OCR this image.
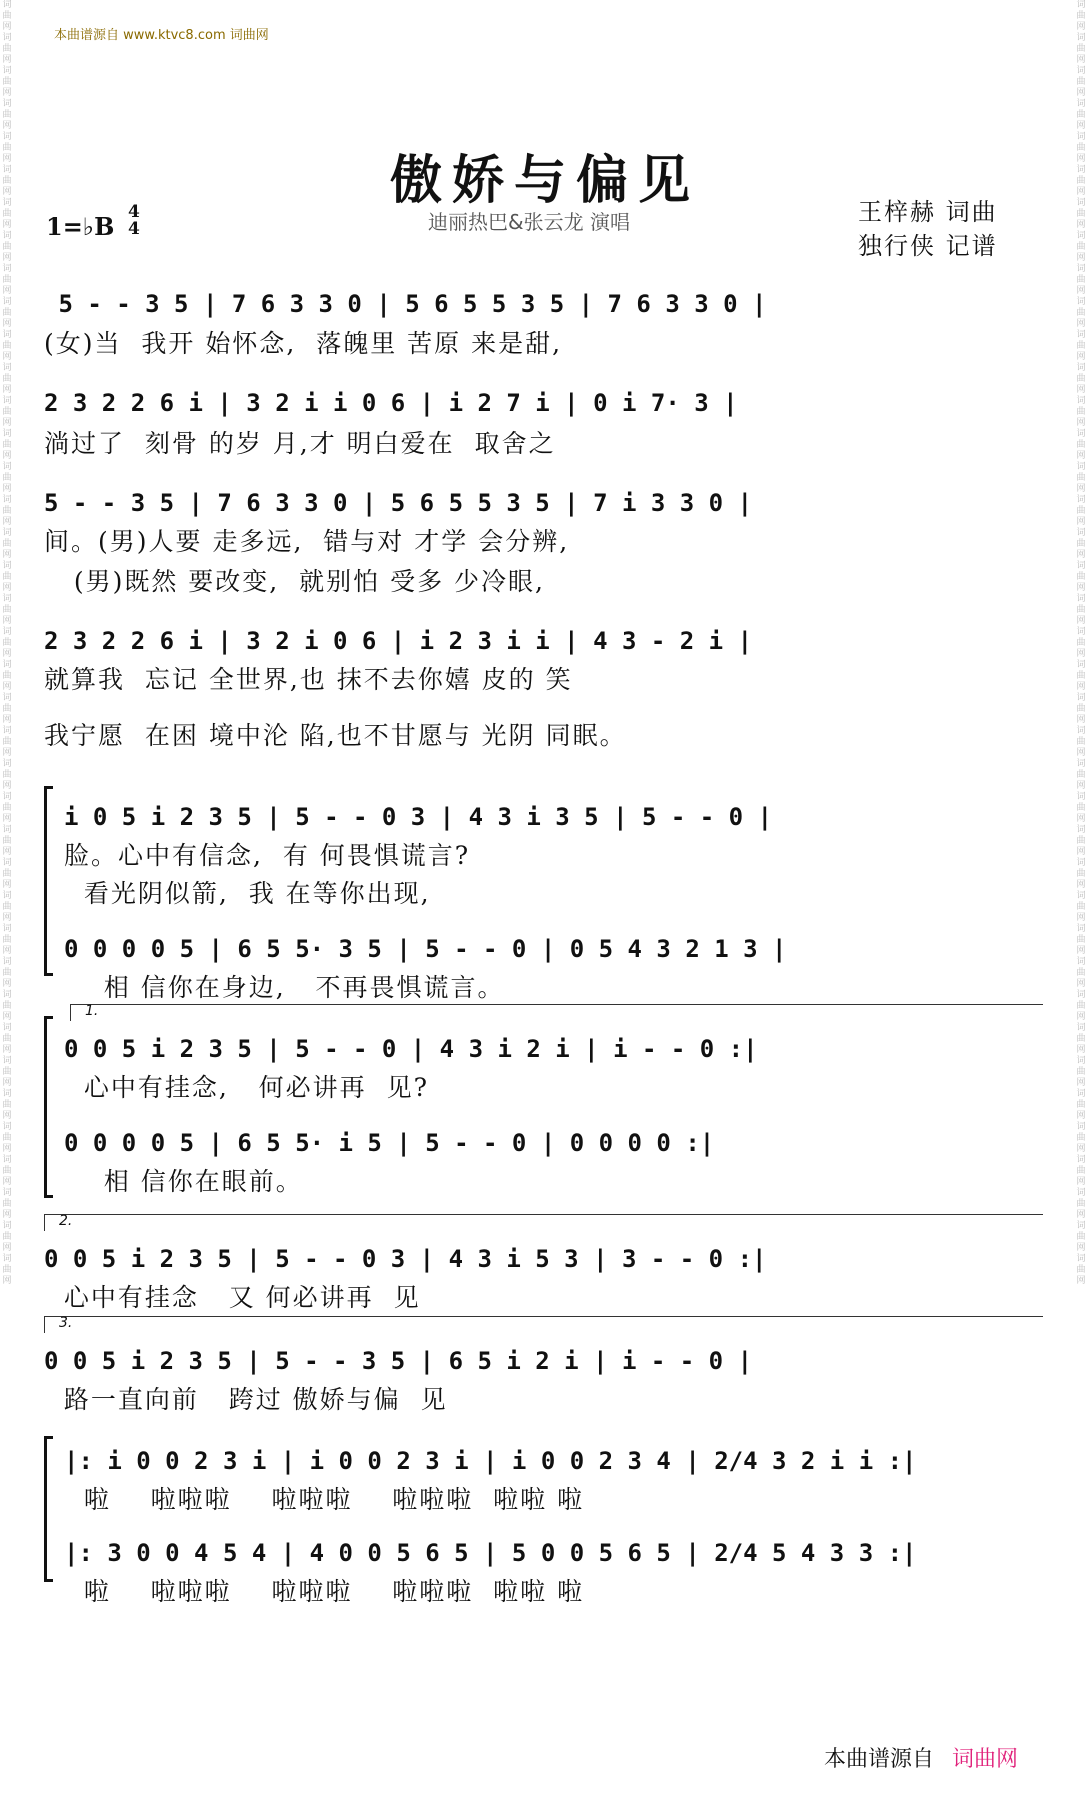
词曲网词曲网词曲网词曲网词曲网词曲网词曲网词曲网词曲网词曲网词曲网词曲网词曲网词曲网词曲网词曲网词曲网词曲网词曲网词曲网词曲网词曲网词曲网词曲网词曲网词曲网词曲网词曲网词曲网词曲网词曲网词曲网词曲网词曲网词曲网词曲网词曲网词曲网词曲网
词曲网词曲网词曲网词曲网词曲网词曲网词曲网词曲网词曲网词曲网词曲网词曲网词曲网词曲网词曲网词曲网词曲网词曲网词曲网词曲网词曲网词曲网词曲网词曲网词曲网词曲网词曲网词曲网词曲网词曲网词曲网词曲网词曲网词曲网词曲网词曲网词曲网词曲网词曲网
本曲谱源自 www.ktvc8.com 词曲网
傲娇与偏见
1=♭B 4
4	迪丽热巴&张云龙 演唱	王梓赫 词曲
独行侠 记谱
5 - - 3 5 | 7 6 3 3 0 | 5 6 5 5 3 5 | 7 6 3 3 0 |
(女)当  我开 始怀念,  落魄里 苦原 来是甜,
2 3 2 2 6 i | 3 2 i i 0 6 | i 2 7 i | 0 i 7· 3 |
淌过了  刻骨 的岁 月,才 明白爱在  取舍之
5 - - 3 5 | 7 6 3 3 0 | 5 6 5 5 3 5 | 7 i 3 3 0 |
间。(男)人要 走多远,  错与对 才学 会分辨,
(男)既然 要改变,  就别怕 受多 少冷眼,
2 3 2 2 6 i | 3 2 i 0 6 | i 2 3 i i | 4 3 - 2 i |
就算我  忘记 全世界,也 抹不去你嬉 皮的 笑
我宁愿  在困 境中沦 陷,也不甘愿与 光阴 同眠。
i 0 5 i 2 3 5 | 5 - - 0 3 | 4 3 i 3 5 | 5 - - 0 |
脸。心中有信念,  有 何畏惧谎言?
看光阴似箭,  我 在等你出现,
0 0 0 0 5 | 6 5 5· 3 5 | 5 - - 0 | 0 5 4 3 2 1 3 |
相 信你在身边,   不再畏惧谎言。
1.
0 0 5 i 2 3 5 | 5 - - 0 | 4 3 i 2 i | i - - 0 :|
心中有挂念,   何必讲再  见?
0 0 0 0 5 | 6 5 5· i 5 | 5 - - 0 | 0 0 0 0 :|
相 信你在眼前。
2.
0 0 5 i 2 3 5 | 5 - - 0 3 | 4 3 i 5 3 | 3 - - 0 :|
心中有挂念   又 何必讲再  见
3.
0 0 5 i 2 3 5 | 5 - - 3 5 | 6 5 i 2 i | i - - 0 |
路一直向前   跨过 傲娇与偏  见
|: i 0 0 2 3 i | i 0 0 2 3 i | i 0 0 2 3 4 | 2/4 3 2 i i :|
啦    啦啦啦    啦啦啦    啦啦啦  啦啦 啦
|: 3 0 0 4 5 4 | 4 0 0 5 6 5 | 5 0 0 5 6 5 | 2/4 5 4 3 3 :|
啦    啦啦啦    啦啦啦    啦啦啦  啦啦 啦
本曲谱源自 词曲网
